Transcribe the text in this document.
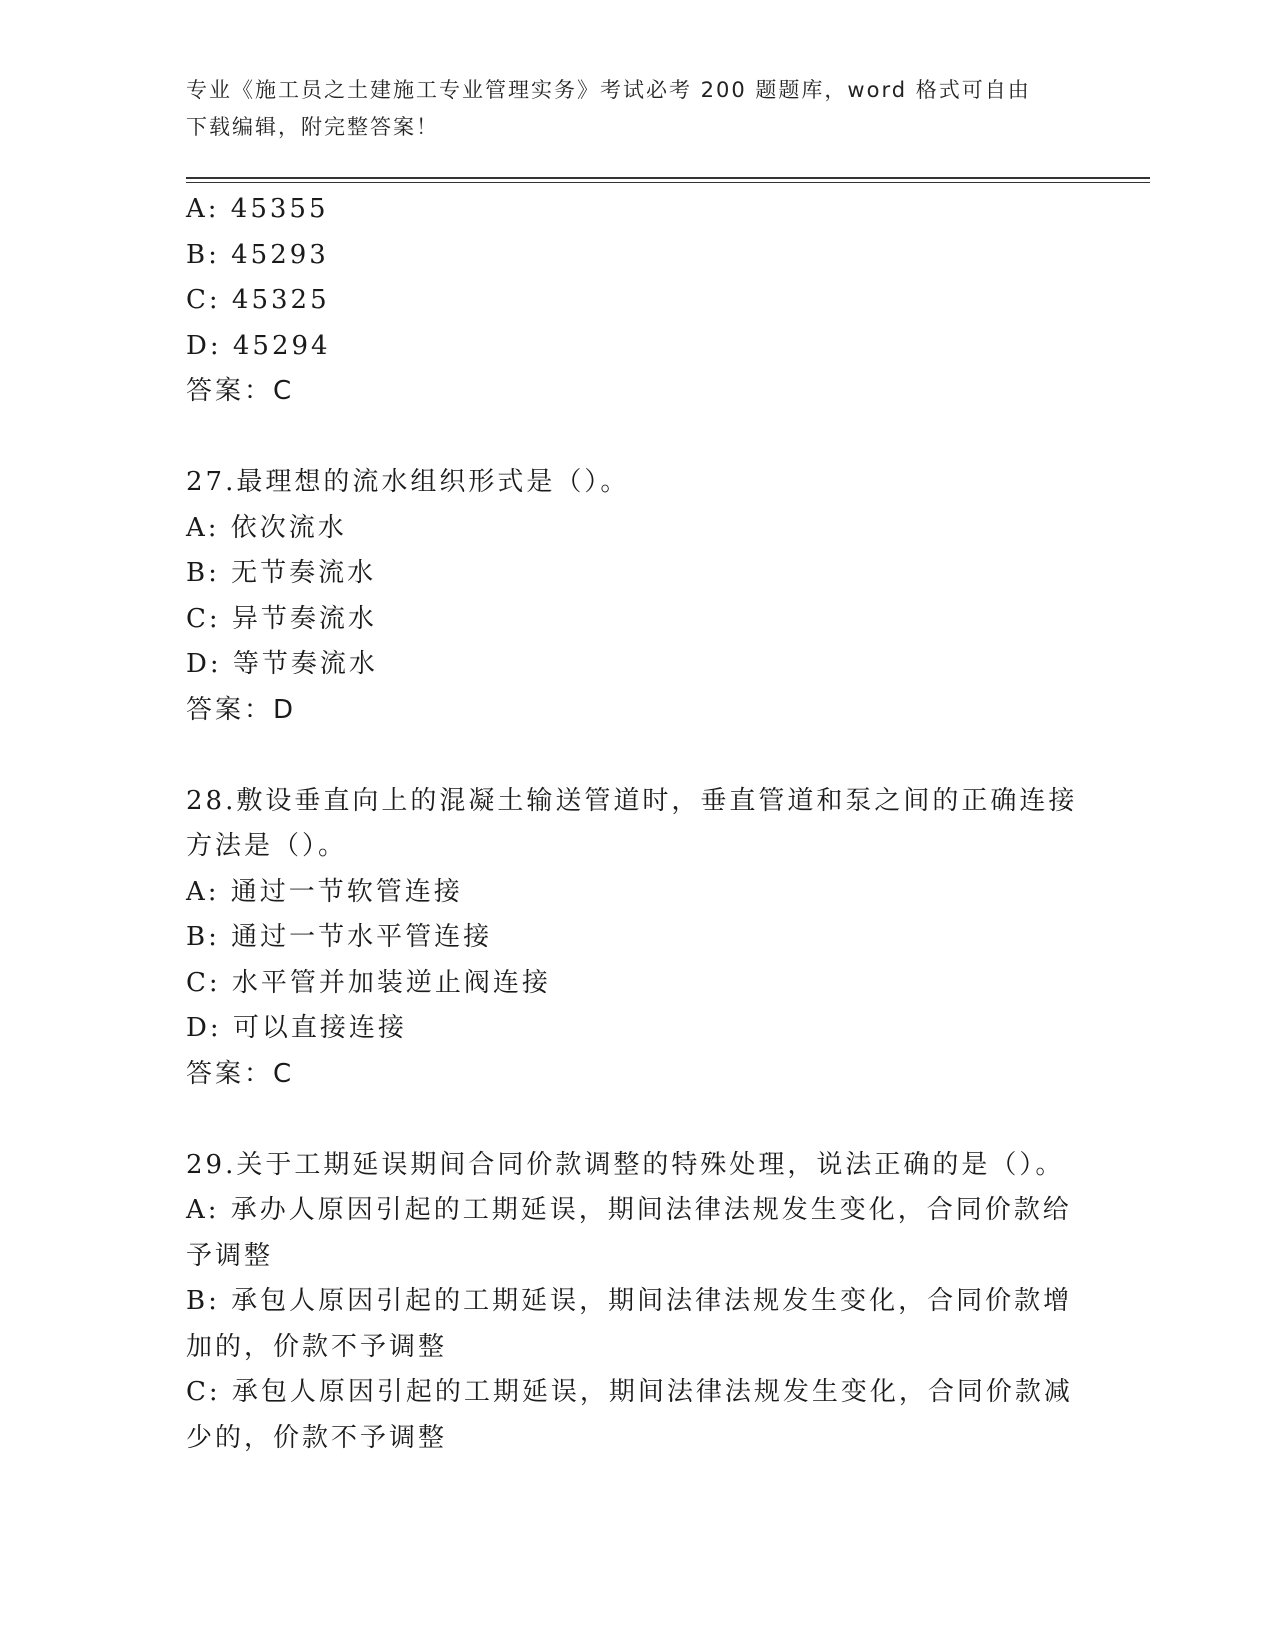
专业《施工员之土建施工专业管理实务》考试必考 200 题题库，word 格式可自由
下载编辑，附完整答案！
A: 45355
B: 45293
C: 45325
D: 45294
答案：C
27.最理想的流水组织形式是（）。
A: 依次流水
B: 无节奏流水
C: 异节奏流水
D: 等节奏流水
答案：D
28.敷设垂直向上的混凝土输送管道时，垂直管道和泵之间的正确连接
方法是（）。
A: 通过一节软管连接
B: 通过一节水平管连接
C: 水平管并加装逆止阀连接
D: 可以直接连接
答案：C
29.关于工期延误期间合同价款调整的特殊处理，说法正确的是（）。
A: 承办人原因引起的工期延误，期间法律法规发生变化，合同价款给
予调整
B: 承包人原因引起的工期延误，期间法律法规发生变化，合同价款增
加的，价款不予调整
C: 承包人原因引起的工期延误，期间法律法规发生变化，合同价款减
少的，价款不予调整
